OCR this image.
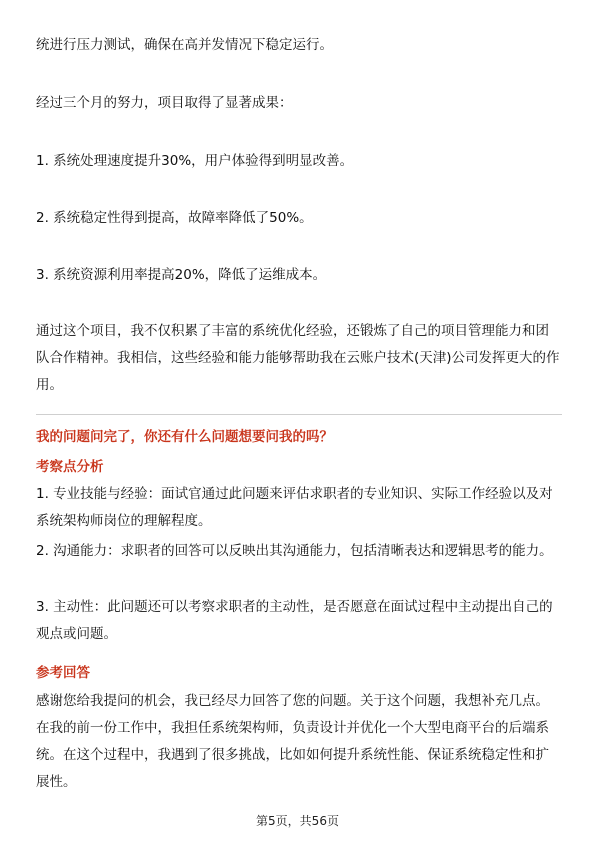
统进行压力测试，确保在高并发情况下稳定运行。

经过三个月的努力，项目取得了显著成果：

1. 系统处理速度提升30%，用户体验得到明显改善。

2. 系统稳定性得到提高，故障率降低了50%。

3. 系统资源利用率提高20%，降低了运维成本。

通过这个项目，我不仅积累了丰富的系统优化经验，还锻炼了自己的项目管理能力和团队合作精神。我相信，这些经验和能力能够帮助我在云账户技术(天津)公司发挥更大的作用。

我的问题问完了，你还有什么问题想要问我的吗？

考察点分析

1. 专业技能与经验：面试官通过此问题来评估求职者的专业知识、实际工作经验以及对系统架构师岗位的理解程度。

2. 沟通能力：求职者的回答可以反映出其沟通能力，包括清晰表达和逻辑思考的能力。

3. 主动性：此问题还可以考察求职者的主动性，是否愿意在面试过程中主动提出自己的观点或问题。

参考回答

感谢您给我提问的机会，我已经尽力回答了您的问题。关于这个问题，我想补充几点。在我的前一份工作中，我担任系统架构师，负责设计并优化一个大型电商平台的后端系统。在这个过程中，我遇到了很多挑战，比如如何提升系统性能、保证系统稳定性和扩展性。

第5页，共56页
